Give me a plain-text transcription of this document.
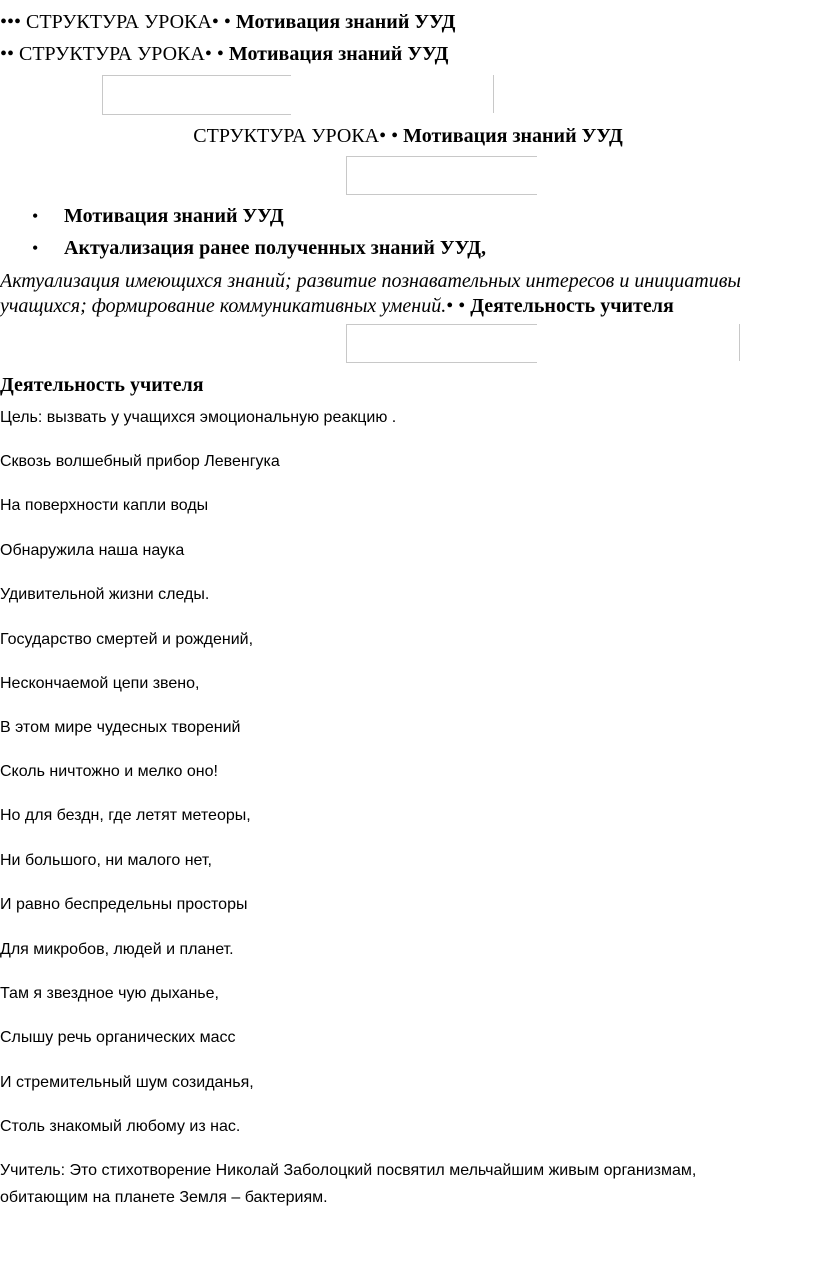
••• СТРУКТУРА УРОКА• • Мотивация знаний УУД
•• СТРУКТУРА УРОКА• • Мотивация знаний УУД
СТРУКТУРА УРОКА• • Мотивация знаний УУД
• Мотивация знаний УУД
• Актуализация ранее полученных знаний УУД,
Актуализация имеющихся знаний; развитие познавательных интересов и инициативы
учащихся; формирование коммуникативных умений.• • Деятельность учителя
Деятельность учителя
Цель: вызвать у учащихся эмоциональную реакцию .
Сквозь волшебный прибор Левенгука
На поверхности капли воды
Обнаружила наша наука
Удивительной жизни следы.
Государство смертей и рождений,
Нескончаемой цепи звено,
В этом мире чудесных творений
Сколь ничтожно и мелко оно!
Но для бездн, где летят метеоры,
Ни большого, ни малого нет,
И равно беспредельны просторы
Для микробов, людей и планет.
Там я звездное чую дыханье,
Слышу речь органических масс
И стремительный шум созиданья,
Столь знакомый любому из нас.
Учитель: Это стихотворение Николай Заболоцкий посвятил мельчайшим живым организмам,
обитающим на планете Земля – бактериям.
